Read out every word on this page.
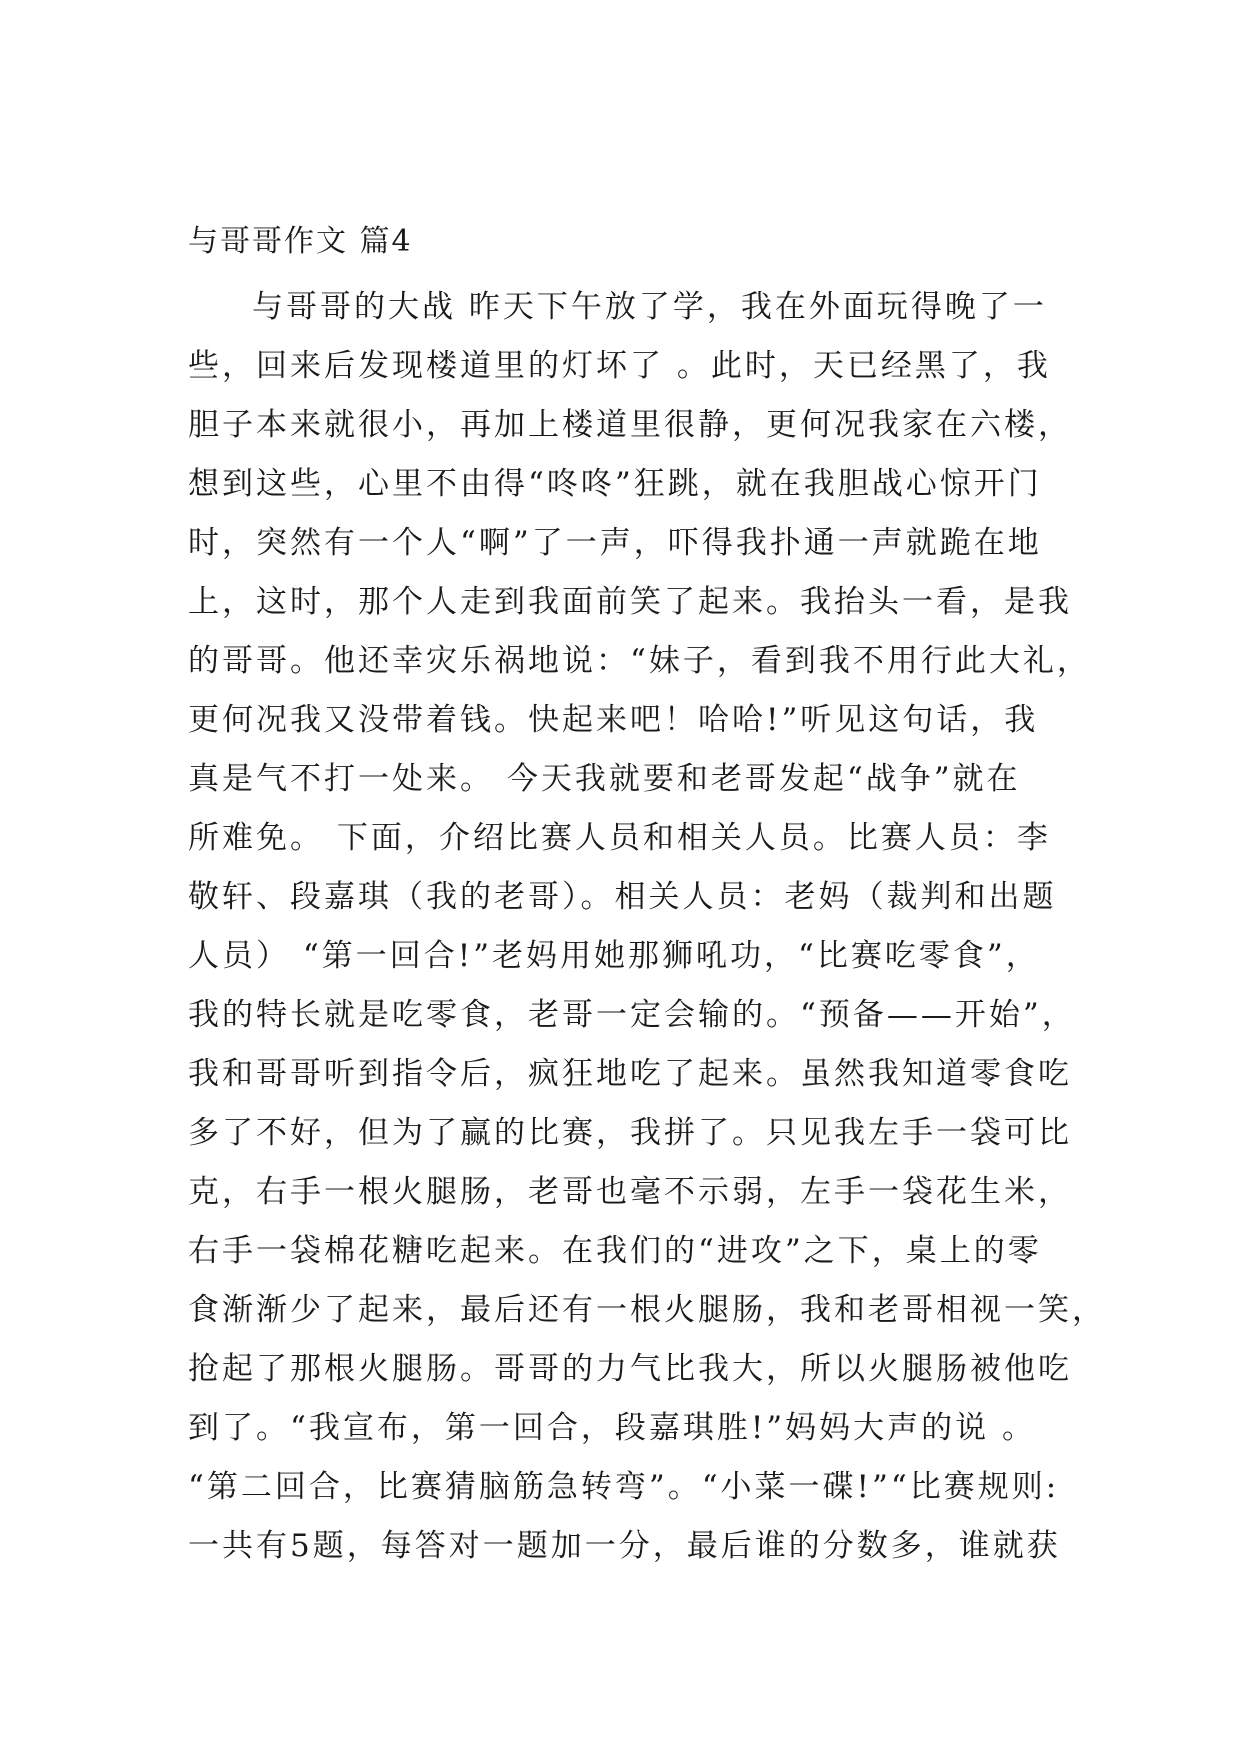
与哥哥作文 篇4
与哥哥的大战 昨天下午放了学，我在外面玩得晚了一
些，回来后发现楼道里的灯坏了 。此时，天已经黑了，我
胆子本来就很小，再加上楼道里很静，更何况我家在六楼，
想到这些，心里不由得“咚咚”狂跳，就在我胆战心惊开门
时，突然有一个人“啊”了一声，吓得我扑通一声就跪在地
上，这时，那个人走到我面前笑了起来。我抬头一看，是我
的哥哥。他还幸灾乐祸地说：“妹子，看到我不用行此大礼，
更何况我又没带着钱。快起来吧！哈哈!”听见这句话，我
真是气不打一处来。 今天我就要和老哥发起“战争”就在
所难免。 下面，介绍比赛人员和相关人员。比赛人员：李
敬轩、段嘉琪（我的老哥）。相关人员：老妈（裁判和出题
人员） “第一回合!”老妈用她那狮吼功，“比赛吃零食”，
我的特长就是吃零食，老哥一定会输的。“预备——开始”，
我和哥哥听到指令后，疯狂地吃了起来。虽然我知道零食吃
多了不好，但为了赢的比赛，我拼了。只见我左手一袋可比
克，右手一根火腿肠，老哥也毫不示弱，左手一袋花生米，
右手一袋棉花糖吃起来。在我们的“进攻”之下，桌上的零
食渐渐少了起来，最后还有一根火腿肠，我和老哥相视一笑，
抢起了那根火腿肠。哥哥的力气比我大，所以火腿肠被他吃
到了。“我宣布，第一回合，段嘉琪胜!”妈妈大声的说 。
“第二回合，比赛猜脑筋急转弯”。“小菜一碟!”“比赛规则:
一共有5题，每答对一题加一分，最后谁的分数多，谁就获
